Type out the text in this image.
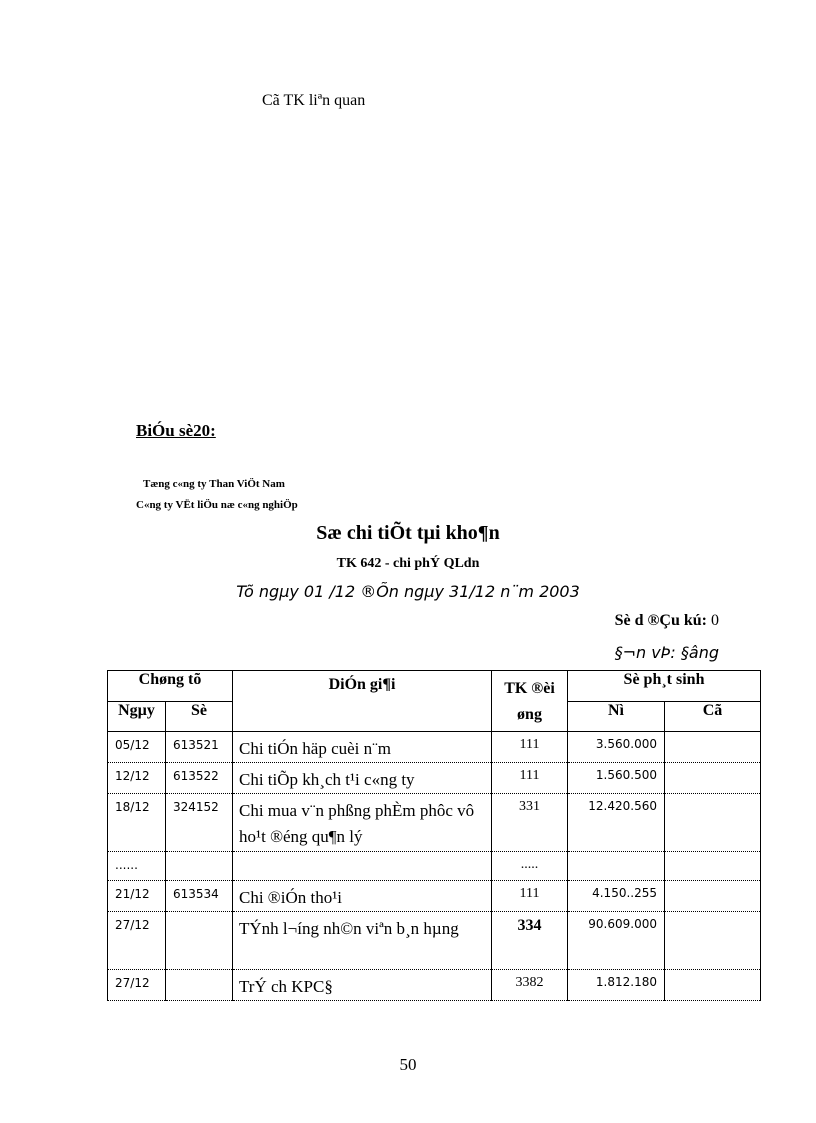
Cã TK liªn quan
BiÓu sè20:
Tæng c«ng ty Than ViÖt Nam
C«ng ty VËt liÖu næ c«ng nghiÖp
Sæ chi tiÕt tµi kho¶n
TK 642 - chi phÝ QLdn
Tõ ngµy 01 /12 ®Õn ngµy 31/12 n¨m 2003
Sè d ®Çu kú: 0
§¬n vÞ: §âng
Chøng tõ		DiÓn gi¶i	TK ®èi øng	Sè ph¸t sinh	
Ngµy	Sè			Nì	Cã
05/12	613521	Chi tiÓn häp cuèi n¨m	111	3.560.000	
12/12	613522	Chi tiÕp kh¸ch t¹i c«ng ty	111	1.560.500	
18/12	324152	Chi mua v¨n phßng phÈm phôc vô ho¹t ®éng qu¶n lý	331	12.420.560	
......			.....		
21/12	613534	Chi ®iÓn tho¹i	111	4.150..255	
27/12		TÝnh l¬íng nh©n viªn b¸n hµng	334	90.609.000	
27/12		TrÝ ch KPC§	3382	1.812.180	
50
